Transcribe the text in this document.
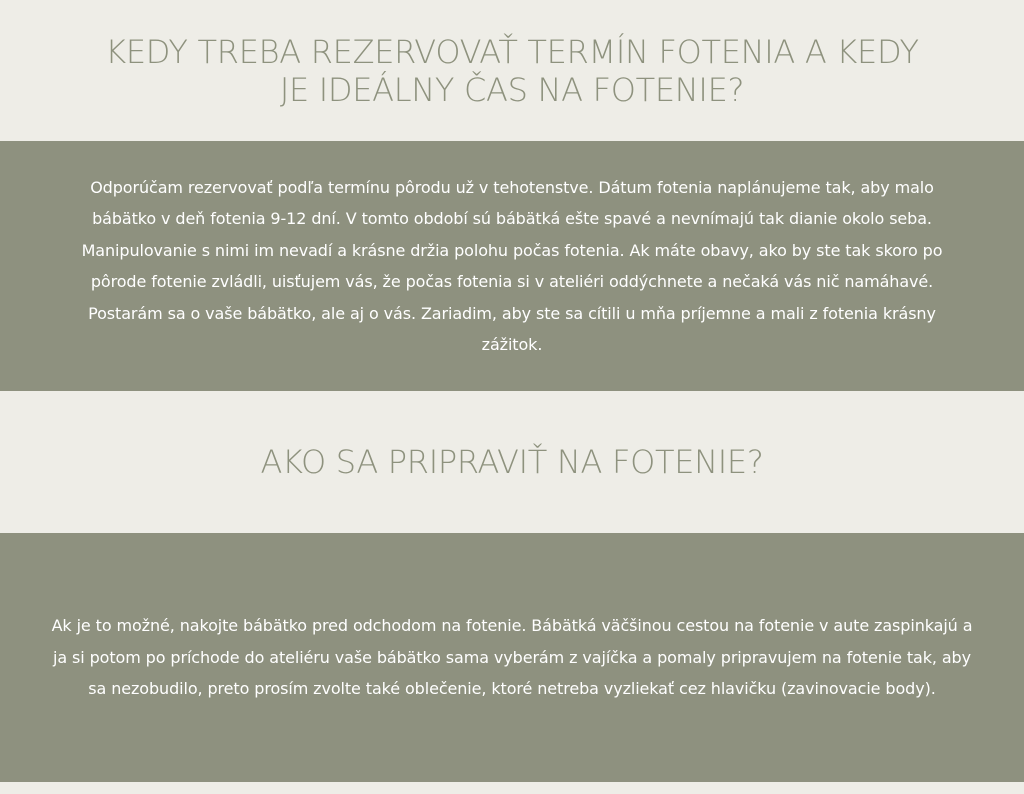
KEDY TREBA REZERVOVAŤ TERMÍN FOTENIA A KEDY JE IDEÁLNY ČAS NA FOTENIE?

Odporúčam rezervovať podľa termínu pôrodu už v tehotenstve. Dátum fotenia naplánujeme tak, aby malo bábätko v deň fotenia 9-12 dní. V tomto období sú bábätká ešte spavé a nevnímajú tak dianie okolo seba. Manipulovanie s nimi im nevadí a krásne držia polohu počas fotenia. Ak máte obavy, ako by ste tak skoro po pôrode fotenie zvládli, uisťujem vás, že počas fotenia si v ateliéri oddýchnete a nečaká vás nič namáhavé. Postarám sa o vaše bábätko, ale aj o vás. Zariadim, aby ste sa cítili u mňa príjemne a mali z fotenia krásny zážitok.

AKO SA PRIPRAVIŤ NA FOTENIE?

Ak je to možné, nakojte bábätko pred odchodom na fotenie. Bábätká väčšinou cestou na fotenie v aute zaspinkajú a ja si potom po príchode do ateliéru vaše bábätko sama vyberám z vajíčka a pomaly pripravujem na fotenie tak, aby sa nezobudilo, preto prosím zvolte také oblečenie, ktoré netreba vyzliekať cez hlavičku (zavinovacie body).
